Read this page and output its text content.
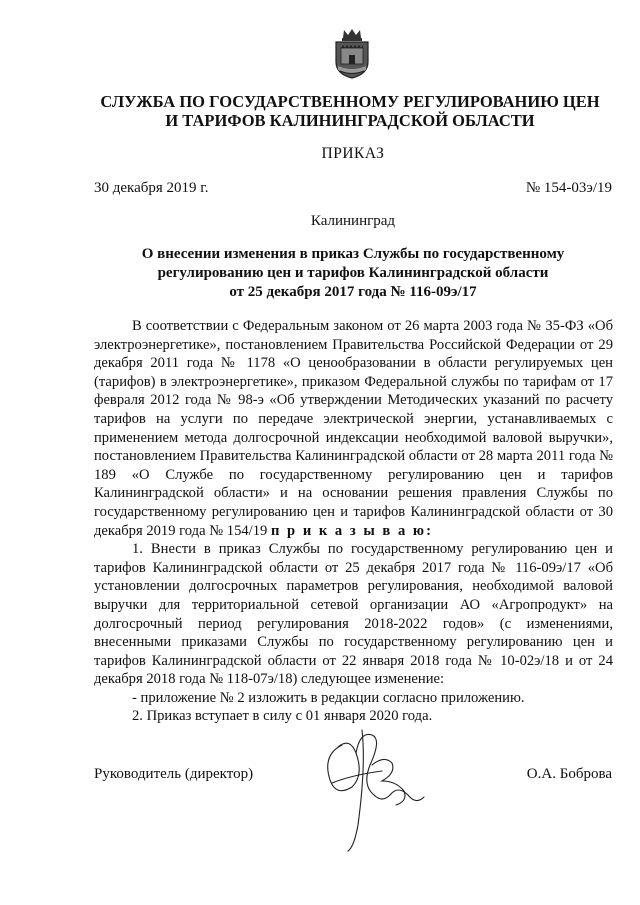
СЛУЖБА ПО ГОСУДАРСТВЕННОМУ РЕГУЛИРОВАНИЮ ЦЕН
И ТАРИФОВ КАЛИНИНГРАДСКОЙ ОБЛАСТИ
ПРИКАЗ
30 декабря 2019 г.	№ 154-03э/19
Калининград
О внесении изменения в приказ Службы по государственному
регулированию цен и тарифов Калининградской области
от 25 декабря 2017 года № 116-09э/17

В соответствии с Федеральным законом от 26 марта 2003 года № 35-ФЗ «Об электроэнергетике», постановлением Правительства Российской Федерации от 29 декабря 2011 года № 1178 «О ценообразовании в области регулируемых цен (тарифов) в электроэнергетике», приказом Федеральной службы по тарифам от 17 февраля 2012 года № 98-э «Об утверждении Методических указаний по расчету тарифов на услуги по передаче электрической энергии, устанавливаемых с применением метода долгосрочной индексации необходимой валовой выручки», постановлением Правительства Калининградской области от 28 марта 2011 года № 189 «О Службе по государственному регулированию цен и тарифов Калининградской области» и на основании решения правления Службы по государственному регулированию цен и тарифов Калининградской области от 30 декабря 2019 года № 154/19 п р и к а з ы в а ю:

1. Внести в приказ Службы по государственному регулированию цен и тарифов Калининградской области от 25 декабря 2017 года № 116-09э/17 «Об установлении долгосрочных параметров регулирования, необходимой валовой выручки для территориальной сетевой организации АО «Агропродукт» на долгосрочный период регулирования 2018-2022 годов» (с изменениями, внесенными приказами Службы по государственному регулированию цен и тарифов Калининградской области от 22 января 2018 года № 10-02э/18 и от 24 декабря 2018 года № 118-07э/18) следующее изменение:

- приложение № 2 изложить в редакции согласно приложению.

2. Приказ вступает в силу с 01 января 2020 года.

Руководитель (директор)	О.А. Боброва
